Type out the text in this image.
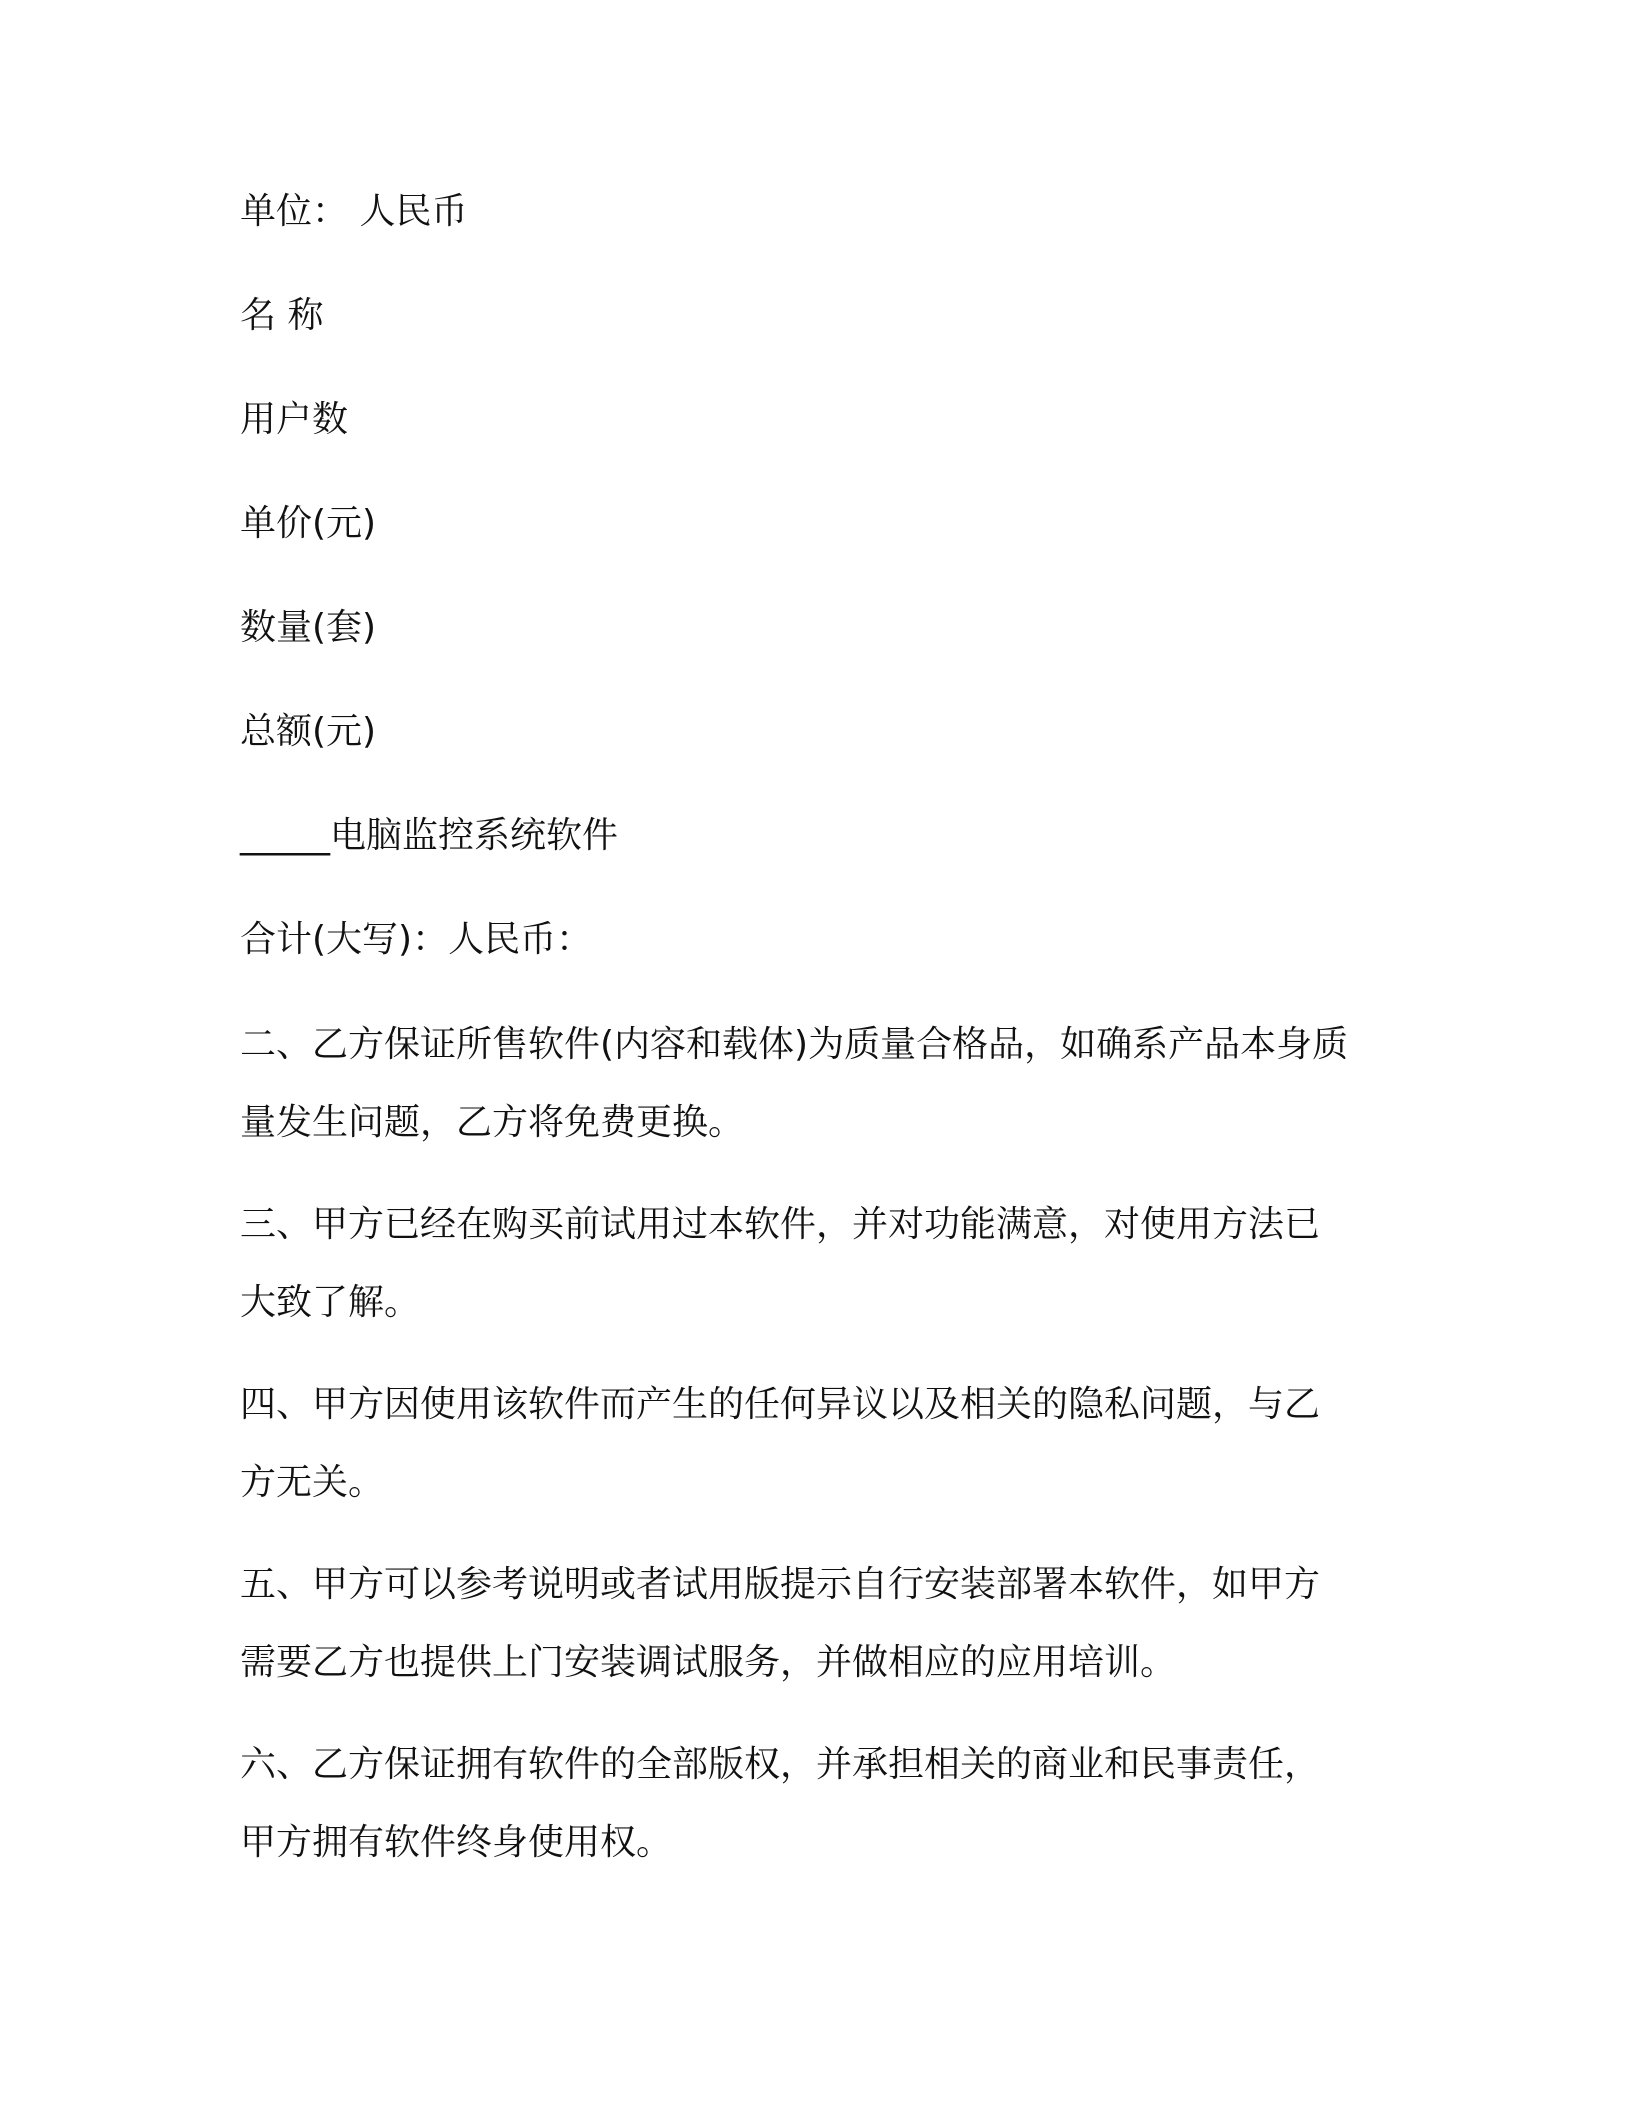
单位： 人民币
名 称
用户数
单价(元)
数量(套)
总额(元)
_____电脑监控系统软件
合计(大写)：人民币：
二、乙方保证所售软件(内容和载体)为质量合格品，如确系产品本身质
量发生问题，乙方将免费更换。
三、甲方已经在购买前试用过本软件，并对功能满意，对使用方法已
大致了解。
四、甲方因使用该软件而产生的任何异议以及相关的隐私问题，与乙
方无关。
五、甲方可以参考说明或者试用版提示自行安装部署本软件，如甲方
需要乙方也提供上门安装调试服务，并做相应的应用培训。
六、乙方保证拥有软件的全部版权，并承担相关的商业和民事责任，
甲方拥有软件终身使用权。
